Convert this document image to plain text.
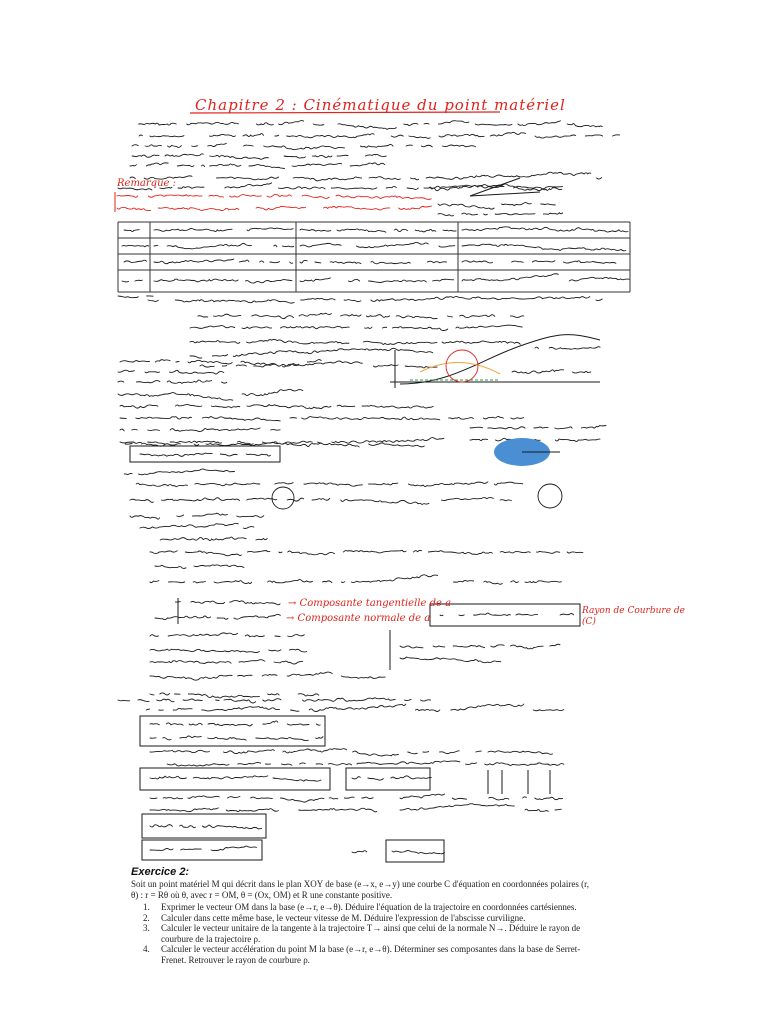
Chapitre 2 : Cinématique du point matériel
Remarque :
→ Composante tangentielle de a
→ Composante normale de a
Rayon de Courbure de (C)
Exercice 2:
Soit un point matériel M qui décrit dans le plan XOY de base (e→x, e→y) une courbe C d'équation en coordonnées polaires (r, θ) : r = Rθ où θ, avec r = OM, θ = (Ox, OM) et R une constante positive.
1. Exprimer le vecteur OM dans la base (e→r, e→θ). Déduire l'équation de la trajectoire en coordonnées cartésiennes.
2. Calculer dans cette même base, le vecteur vitesse de M. Déduire l'expression de l'abscisse curviligne.
3. Calculer le vecteur unitaire de la tangente à la trajectoire T→ ainsi que celui de la normale N→. Déduire le rayon de courbure de la trajectoire ρ.
4. Calculer le vecteur accélération du point M la base (e→r, e→θ). Déterminer ses composantes dans la base de Serret-Frenet. Retrouver le rayon de courbure ρ.
